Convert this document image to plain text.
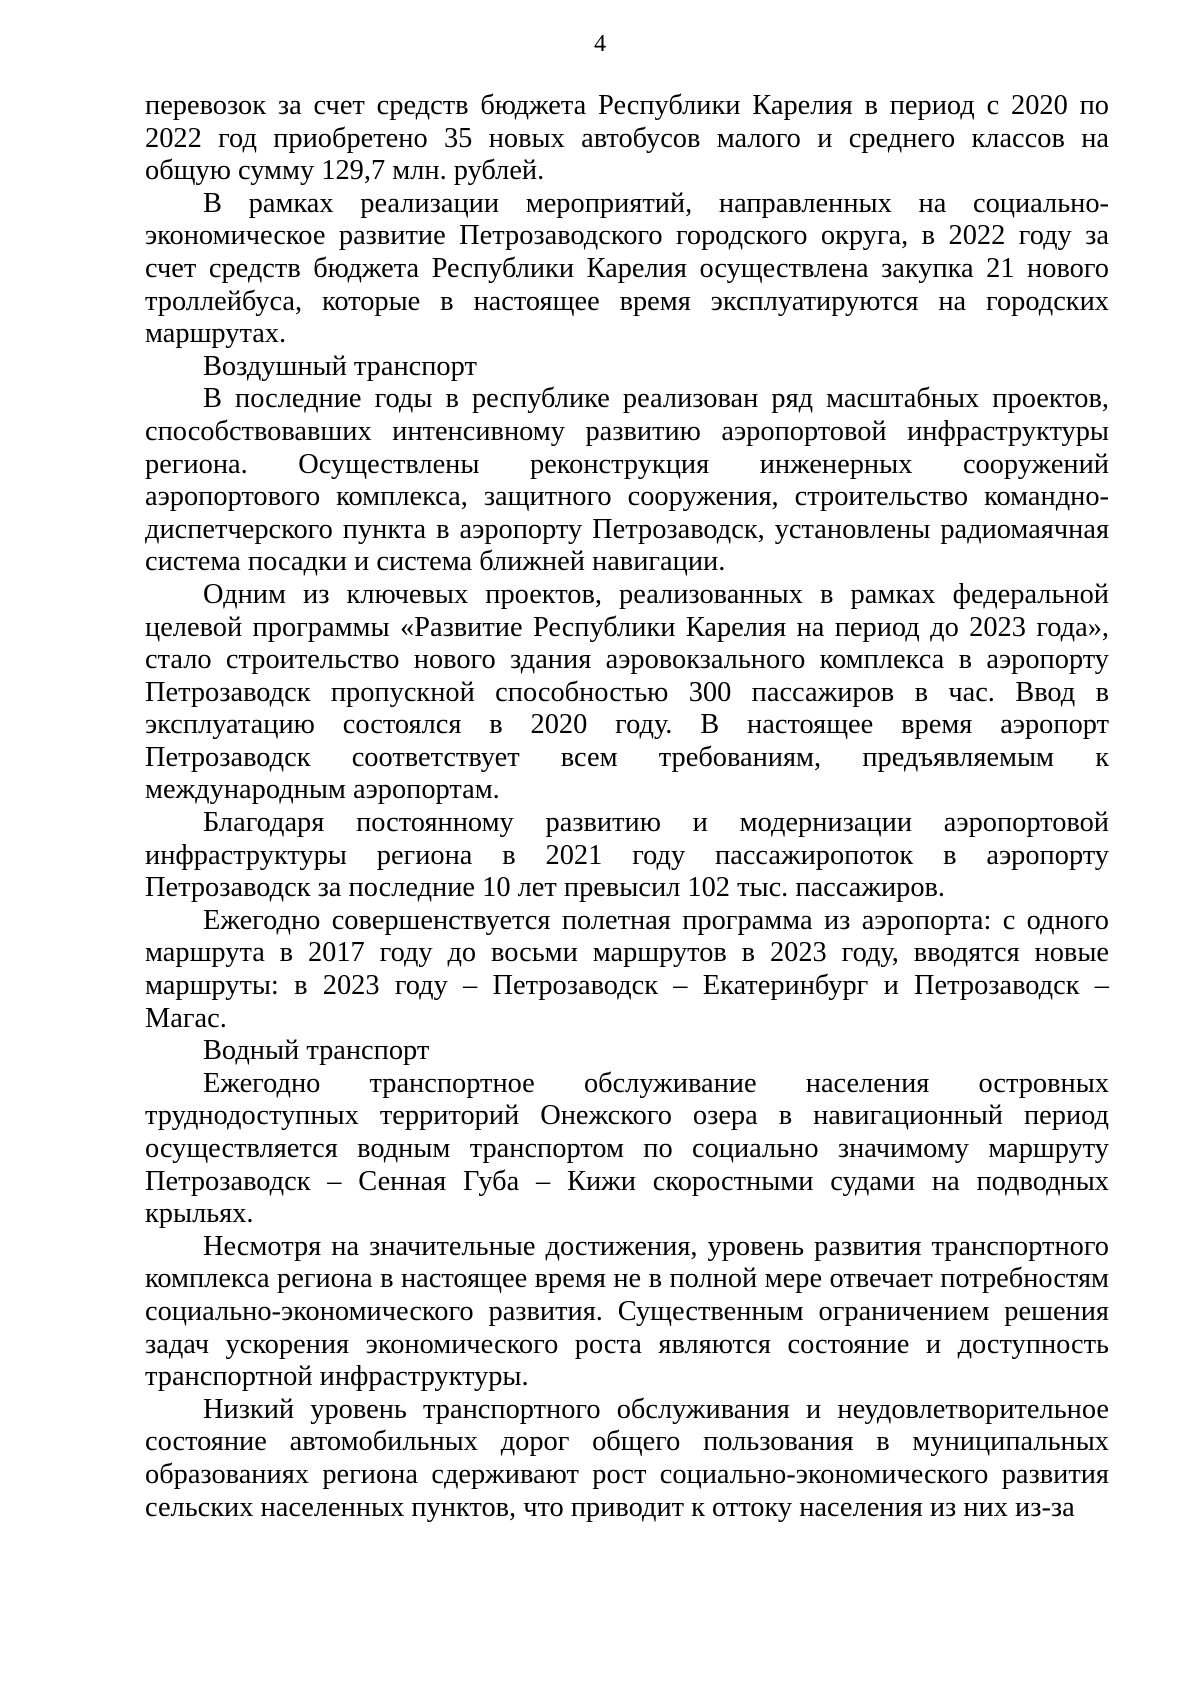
4

перевозок за счет средств бюджета Республики Карелия в период с 2020 по 2022 год приобретено 35 новых автобусов малого и среднего классов на общую сумму 129,7 млн. рублей.

В рамках реализации мероприятий, направленных на социально-экономическое развитие Петрозаводского городского округа, в 2022 году за счет средств бюджета Республики Карелия осуществлена закупка 21 нового троллейбуса, которые в настоящее время эксплуатируются на городских маршрутах.

Воздушный транспорт

В последние годы в республике реализован ряд масштабных проектов, способствовавших интенсивному развитию аэропортовой инфраструктуры региона. Осуществлены реконструкция инженерных сооружений аэропортового комплекса, защитного сооружения, строительство командно-диспетчерского пункта в аэропорту Петрозаводск, установлены радиомаячная система посадки и система ближней навигации.

Одним из ключевых проектов, реализованных в рамках федеральной целевой программы «Развитие Республики Карелия на период до 2023 года», стало строительство нового здания аэровокзального комплекса в аэропорту Петрозаводск пропускной способностью 300 пассажиров в час. Ввод в эксплуатацию состоялся в 2020 году. В настоящее время аэропорт Петрозаводск соответствует всем требованиям, предъявляемым к международным аэропортам.

Благодаря постоянному развитию и модернизации аэропортовой инфраструктуры региона в 2021 году пассажиропоток в аэропорту Петрозаводск за последние 10 лет превысил 102 тыс. пассажиров.

Ежегодно совершенствуется полетная программа из аэропорта: с одного маршрута в 2017 году до восьми маршрутов в 2023 году, вводятся новые маршруты: в 2023 году – Петрозаводск – Екатеринбург и Петрозаводск – Магас.

Водный транспорт

Ежегодно транспортное обслуживание населения островных труднодоступных территорий Онежского озера в навигационный период осуществляется водным транспортом по социально значимому маршруту Петрозаводск – Сенная Губа – Кижи скоростными судами на подводных крыльях.

Несмотря на значительные достижения, уровень развития транспортного комплекса региона в настоящее время не в полной мере отвечает потребностям социально-экономического развития. Существенным ограничением решения задач ускорения экономического роста являются состояние и доступность транспортной инфраструктуры.

Низкий уровень транспортного обслуживания и неудовлетворительное состояние автомобильных дорог общего пользования в муниципальных образованиях региона сдерживают рост социально-экономического развития сельских населенных пунктов, что приводит к оттоку населения из них из-за
